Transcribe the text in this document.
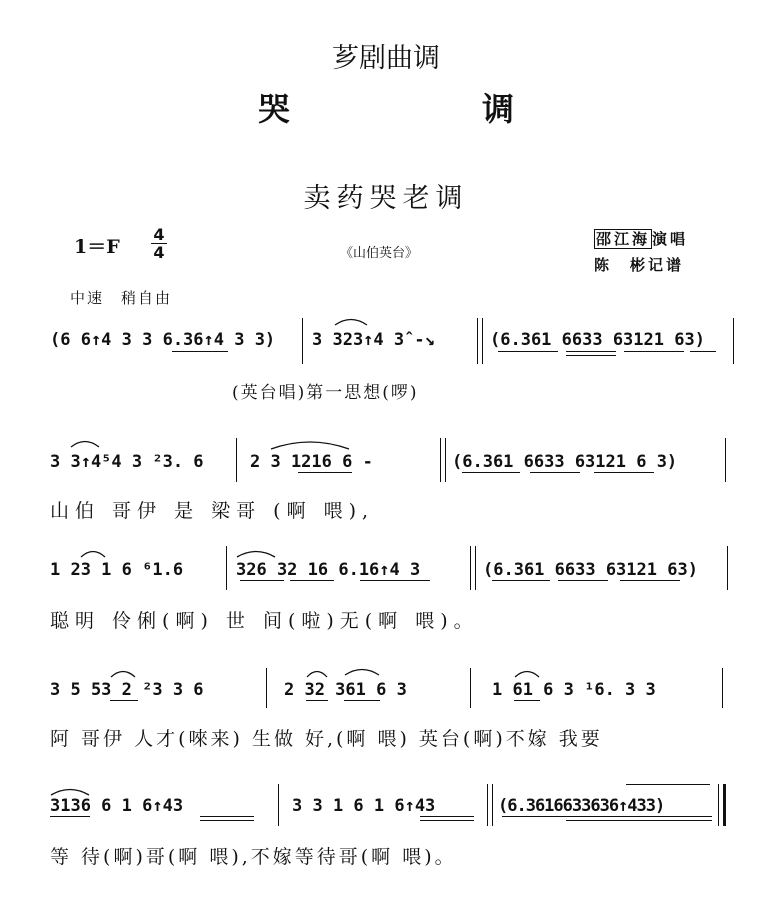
芗剧曲调
哭　调
卖药哭老调
1＝F
4
4	《山伯英台》
邵江海 演唱
陈　彬记谱
中速　稍自由
(6 6↑4 3 3 6.36↑4 3 3) 3 323↑4 3̂ -↘	(6.361 6633 63121 63)
(英台唱)第一思想(啰)
3 3↑4⁵4 3 ²3. 6	2 3 1216 6 -	(6.361 6633 63121 6 3)
山伯 哥伊 是 梁哥 (啊 喂),
1 23 1 6 ⁶1.6	326 32 16 6.16↑4 3	(6.361 6633 63121 63)
聪明 伶俐(啊) 世 间(啦)无(啊 喂)。
3 5 53 2 ²3 3 6	2 32 361 6 3	1 61 6 3 ¹6. 3 3
阿 哥伊 人才(唻来) 生做 好,(啊 喂) 英台(啊)不嫁 我要
3136 6 1 6↑43	3 3 1 6 1 6↑43	(6.3616633636↑433)
等 待(啊)哥(啊 喂),不嫁等待哥(啊 喂)。
